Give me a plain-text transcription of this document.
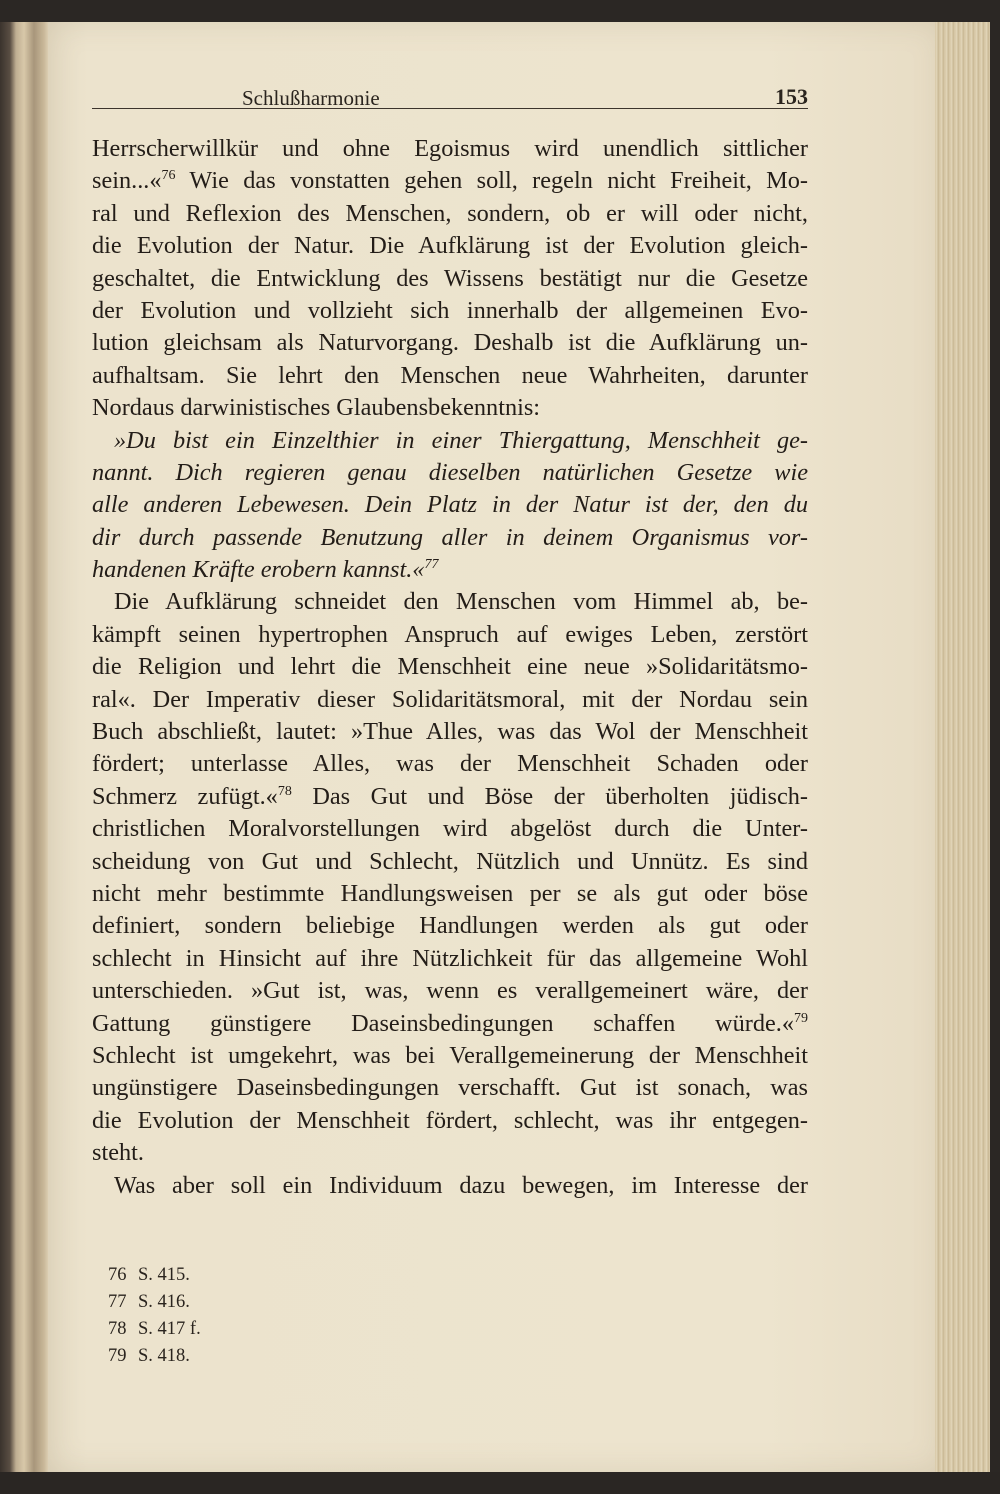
Schlußharmonie	153
Herrscherwillkür und ohne Egoismus wird unendlich sittlicher
sein...«$^{76}$ Wie das vonstatten gehen soll, regeln nicht Freiheit, Mo-
ral und Reflexion des Menschen, sondern, ob er will oder nicht,
die Evolution der Natur. Die Aufklärung ist der Evolution gleich-
geschaltet, die Entwicklung des Wissens bestätigt nur die Gesetze
der Evolution und vollzieht sich innerhalb der allgemeinen Evo-
lution gleichsam als Naturvorgang. Deshalb ist die Aufklärung un-
aufhaltsam. Sie lehrt den Menschen neue Wahrheiten, darunter
Nordaus darwinistisches Glaubensbekenntnis:
»Du bist ein Einzelthier in einer Thiergattung, Menschheit ge-
nannt. Dich regieren genau dieselben natürlichen Gesetze wie
alle anderen Lebewesen. Dein Platz in der Natur ist der, den du
dir durch passende Benutzung aller in deinem Organismus vor-
handenen Kräfte erobern kannst.«$^{77}$
Die Aufklärung schneidet den Menschen vom Himmel ab, be-
kämpft seinen hypertrophen Anspruch auf ewiges Leben, zerstört
die Religion und lehrt die Menschheit eine neue »Solidaritätsmo-
ral«. Der Imperativ dieser Solidaritätsmoral, mit der Nordau sein
Buch abschließt, lautet: »Thue Alles, was das Wol der Menschheit
fördert; unterlasse Alles, was der Menschheit Schaden oder
Schmerz zufügt.«$^{78}$ Das Gut und Böse der überholten jüdisch-
christlichen Moralvorstellungen wird abgelöst durch die Unter-
scheidung von Gut und Schlecht, Nützlich und Unnütz. Es sind
nicht mehr bestimmte Handlungsweisen per se als gut oder böse
definiert, sondern beliebige Handlungen werden als gut oder
schlecht in Hinsicht auf ihre Nützlichkeit für das allgemeine Wohl
unterschieden. »Gut ist, was, wenn es verallgemeinert wäre, der
Gattung günstigere Daseinsbedingungen schaffen würde.«$^{79}$
Schlecht ist umgekehrt, was bei Verallgemeinerung der Menschheit
ungünstigere Daseinsbedingungen verschafft. Gut ist sonach, was
die Evolution der Menschheit fördert, schlecht, was ihr entgegen-
steht.
Was aber soll ein Individuum dazu bewegen, im Interesse der
76 S. 415.
77 S. 416.
78 S. 417 f.
79 S. 418.
